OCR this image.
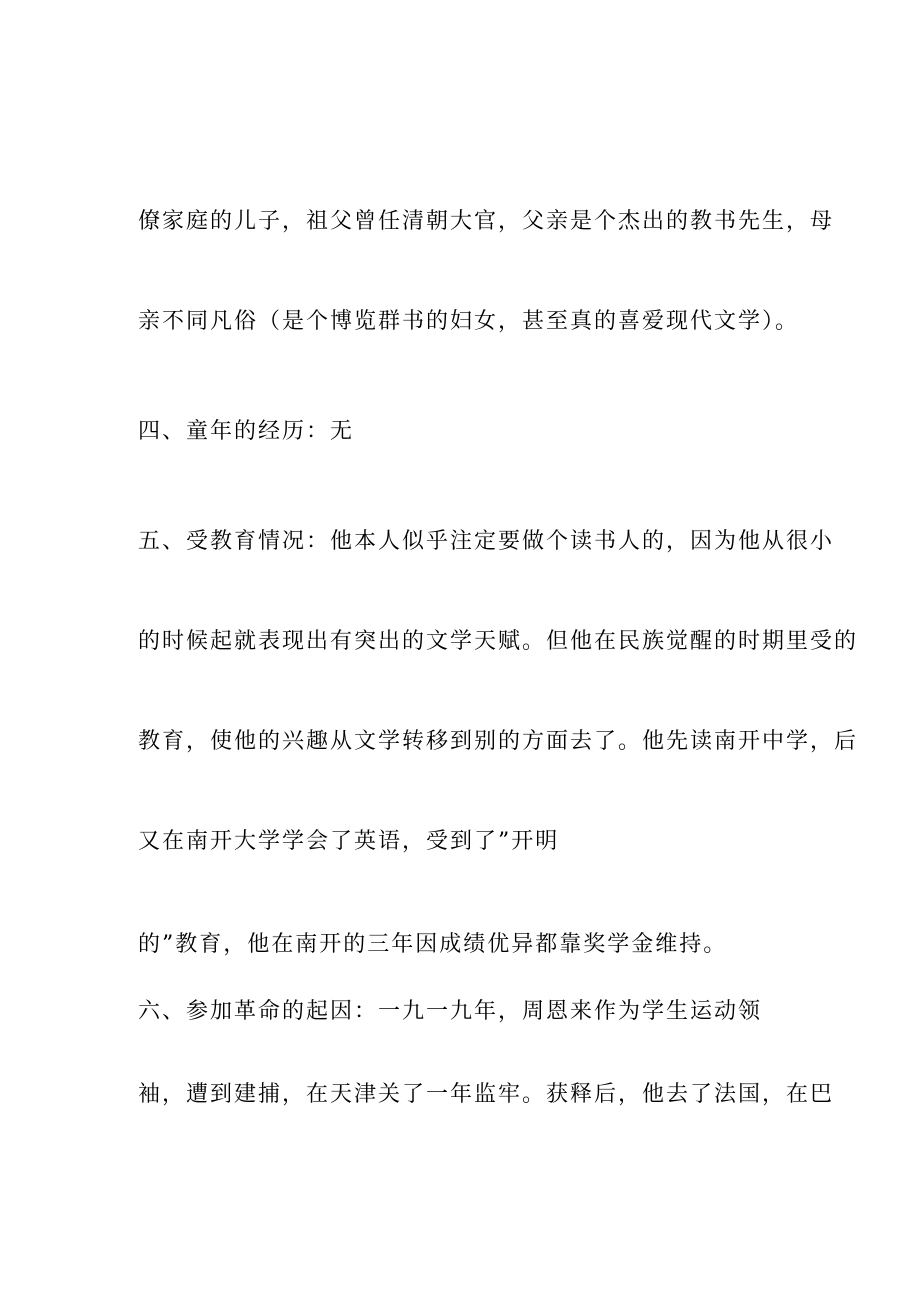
僚家庭的儿子，祖父曾任清朝大官，父亲是个杰出的教书先生，母
亲不同凡俗（是个博览群书的妇女，甚至真的喜爱现代文学）。
四、童年的经历：无
五、受教育情况：他本人似乎注定要做个读书人的，因为他从很小
的时候起就表现出有突出的文学天赋。但他在民族觉醒的时期里受的
教育，使他的兴趣从文学转移到别的方面去了。他先读南开中学，后
又在南开大学学会了英语，受到了”开明
的”教育，他在南开的三年因成绩优异都靠奖学金维持。
六、参加革命的起因：一九一九年，周恩来作为学生运动领
袖，遭到建捕，在天津关了一年监牢。获释后，他去了法国，在巴
